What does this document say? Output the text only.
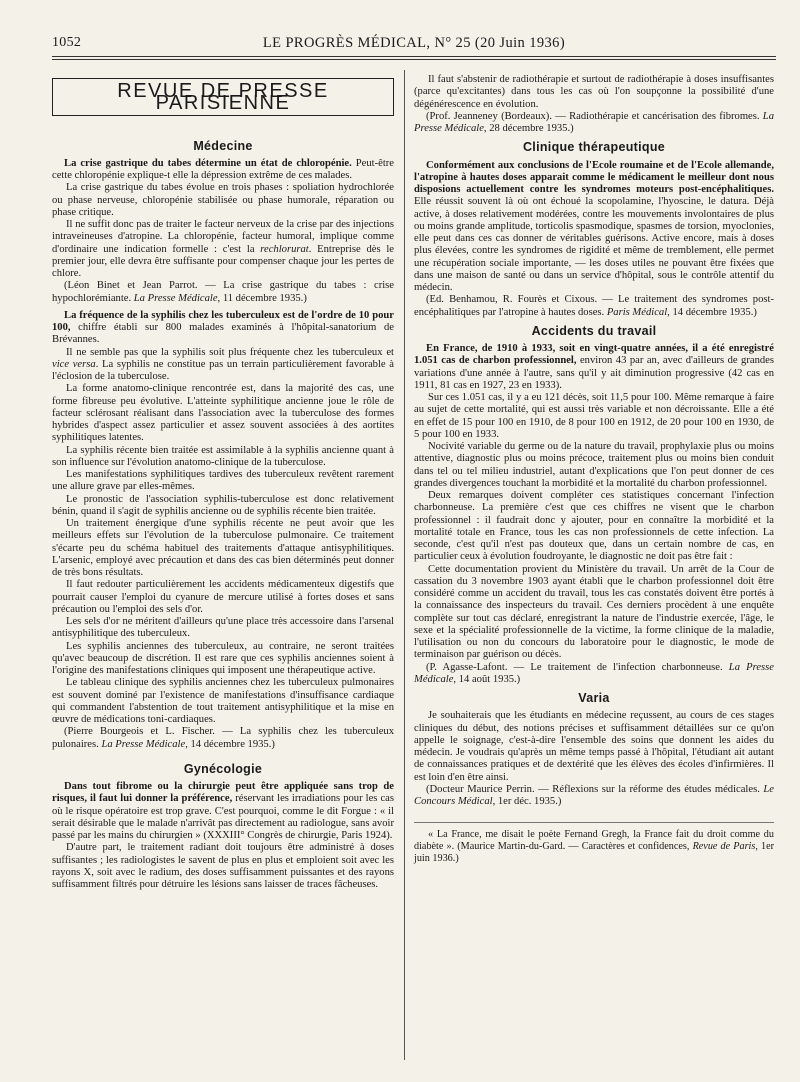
1052	LE PROGRÈS MÉDICAL, N° 25 (20 Juin 1936)
REVUE DE PRESSE PARISIENNE
Médecine

La crise gastrique du tabes détermine un état de chloropénie. Peut-être cette chloropénie explique-t elle la dépression extrême de ces malades.

La crise gastrique du tabes évolue en trois phases : spoliation hydrochlorée ou phase nerveuse, chloropénie stabilisée ou phase humorale, réparation ou phase critique.

Il ne suffit donc pas de traiter le facteur nerveux de la crise par des injections intraveineuses d'atropine. La chloropénie, facteur humoral, implique comme d'ordinaire une indication formelle : c'est la rechlorurat. Entreprise dès le premier jour, elle devra être suffisante pour compenser chaque jour les pertes de chlore.

(Léon Binet et Jean Parrot. — La crise gastrique du tabes : crise hypochlorémiante. La Presse Médicale, 11 décembre 1935.)

La fréquence de la syphilis chez les tuberculeux est de l'ordre de 10 pour 100, chiffre établi sur 800 malades examinés à l'hôpital-sanatorium de Brévannes.

Il ne semble pas que la syphilis soit plus fréquente chez les tuberculeux et vice versa. La syphilis ne constitue pas un terrain particulièrement favorable à l'éclosion de la tuberculose.

La forme anatomo-clinique rencontrée est, dans la majorité des cas, une forme fibreuse peu évolutive. L'atteinte syphilitique ancienne joue le rôle de facteur sclérosant réalisant dans l'association avec la tuberculose des formes hybrides d'aspect assez particulier et assez souvent associées à des aortites syphilitiques latentes.

La syphilis récente bien traitée est assimilable à la syphilis ancienne quant à son influence sur l'évolution anatomo-clinique de la tuberculose.

Les manifestations syphilitiques tardives des tuberculeux revêtent rarement une allure grave par elles-mêmes.

Le pronostic de l'association syphilis-tuberculose est donc relativement bénin, quand il s'agit de syphilis ancienne ou de syphilis récente bien traitée.

Un traitement énergique d'une syphilis récente ne peut avoir que les meilleurs effets sur l'évolution de la tuberculose pulmonaire. Ce traitement s'écarte peu du schéma habituel des traitements d'attaque antisyphilitiques. L'arsenic, employé avec précaution et dans des cas bien déterminés peut donner de très bons résultats.

Il faut redouter particulièrement les accidents médicamenteux digestifs que pourrait causer l'emploi du cyanure de mercure utilisé à fortes doses et sans précaution ou l'emploi des sels d'or.

Les sels d'or ne méritent d'ailleurs qu'une place très accessoire dans l'arsenal antisyphilitique des tuberculeux.

Les syphilis anciennes des tuberculeux, au contraire, ne seront traitées qu'avec beaucoup de discrétion. Il est rare que ces syphilis anciennes soient à l'origine des manifestations cliniques qui imposent une thérapeutique active.

Le tableau clinique des syphilis anciennes chez les tuberculeux pulmonaires est souvent dominé par l'existence de manifestations d'insuffisance cardiaque qui commandent l'abstention de tout traitement antisyphilitique et la mise en œuvre de médications toni-cardiaques.

(Pierre Bourgeois et L. Fischer. — La syphilis chez les tuberculeux pulonaires. La Presse Médicale, 14 décembre 1935.)

Gynécologie

Dans tout fibrome ou la chirurgie peut être appliquée sans trop de risques, il faut lui donner la préférence, réservant les irradiations pour les cas où le risque opératoire est trop grave. C'est pourquoi, comme le dit Forgue : « il serait désirable que le malade n'arrivât pas directement au radiologue, sans avoir passé par les mains du chirurgien » (XXXIII° Congrès de chirurgie, Paris 1924).

D'autre part, le traitement radiant doit toujours être administré à doses suffisantes ; les radiologistes le savent de plus en plus et emploient soit avec les rayons X, soit avec le radium, des doses suffisamment puissantes et des rayons suffisamment filtrés pour détruire les lésions sans laisser de traces fâcheuses.

Il faut s'abstenir de radiothérapie et surtout de radiothérapie à doses insuffisantes (parce qu'excitantes) dans tous les cas où l'on soupçonne la possibilité d'une dégénérescence en évolution.

(Prof. Jeanneney (Bordeaux). — Radiothérapie et cancérisation des fibromes. La Presse Médicale, 28 décembre 1935.)

Clinique thérapeutique

Conformément aux conclusions de l'Ecole roumaine et de l'Ecole allemande, l'atropine à hautes doses apparait comme le médicament le meilleur dont nous disposions actuellement contre les syndromes moteurs post-encéphalitiques. Elle réussit souvent là où ont échoué la scopolamine, l'hyoscine, le datura. Déjà active, à doses relativement modérées, contre les mouvements involontaires de plus ou moins grande amplitude, torticolis spasmodique, spasmes de torsion, myoclonies, elle peut dans ces cas donner de véritables guérisons. Active encore, mais à doses plus élevées, contre les syndromes de rigidité et même de tremblement, elle permet une récupération sociale importante, — les doses utiles ne pouvant être fixées que dans une maison de santé ou dans un service d'hôpital, sous le contrôle attentif du médecin.

(Ed. Benhamou, R. Fourès et Cixous. — Le traitement des syndromes post-encéphalitiques par l'atropine à hautes doses. Paris Médical, 14 décembre 1935.)

Accidents du travail

En France, de 1910 à 1933, soit en vingt-quatre années, il a été enregistré 1.051 cas de charbon professionnel, environ 43 par an, avec d'ailleurs de grandes variations d'une année à l'autre, sans qu'il y ait diminution progressive (42 cas en 1911, 81 cas en 1927, 23 en 1933).

Sur ces 1.051 cas, il y a eu 121 décès, soit 11,5 pour 100. Même remarque à faire au sujet de cette mortalité, qui est aussi très variable et non décroissante. Elle a été en effet de 15 pour 100 en 1910, de 8 pour 100 en 1912, de 20 pour 100 en 1930, de 5 pour 100 en 1933.

Nocivité variable du germe ou de la nature du travail, prophylaxie plus ou moins attentive, diagnostic plus ou moins précoce, traitement plus ou moins bien conduit dans tel ou tel milieu industriel, autant d'explications que l'on peut donner de ces grandes divergences touchant la morbidité et la mortalité du charbon professionnel.

Deux remarques doivent compléter ces statistiques concernant l'infection charbonneuse. La première c'est que ces chiffres ne visent que le charbon professionnel : il faudrait donc y ajouter, pour en connaître la morbidité et la mortalité totale en France, tous les cas non professionnels de cette infection. La seconde, c'est qu'il n'est pas douteux que, dans un certain nombre de cas, en particulier ceux à évolution foudroyante, le diagnostic ne doit pas être fait :

Cette documentation provient du Ministère du travail. Un arrêt de la Cour de cassation du 3 novembre 1903 ayant établi que le charbon professionnel doit être considéré comme un accident du travail, tous les cas constatés doivent être portés à la connaissance des inspecteurs du travail. Ces derniers procèdent à une enquête complète sur tout cas déclaré, enregistrant la nature de l'industrie exercée, l'âge, le sexe et la spécialité professionnelle de la victime, la forme clinique de la maladie, l'utilisation ou non du concours du laboratoire pour le diagnostic, le mode de terminaison par guérison ou décès.

(P. Agasse-Lafont. — Le traitement de l'infection charbonneuse. La Presse Médicale, 14 août 1935.)

Varia

Je souhaiterais que les étudiants en médecine reçussent, au cours de ces stages cliniques du début, des notions précises et suffisamment détaillées sur ce qu'on appelle le soignage, c'est-à-dire l'ensemble des soins que donnent les aides du médecin. Je voudrais qu'après un même temps passé à l'hôpital, l'étudiant ait autant de connaissances pratiques et de dextérité que les élèves des écoles d'infirmières. Il est loin d'en être ainsi.

(Docteur Maurice Perrin. — Réflexions sur la réforme des études médicales. Le Concours Médical, 1er déc. 1935.)

« La France, me disait le poète Fernand Gregh, la France fait du droit comme du diabète ». (Maurice Martin-du-Gard. — Caractères et confidences, Revue de Paris, 1er juin 1936.)
